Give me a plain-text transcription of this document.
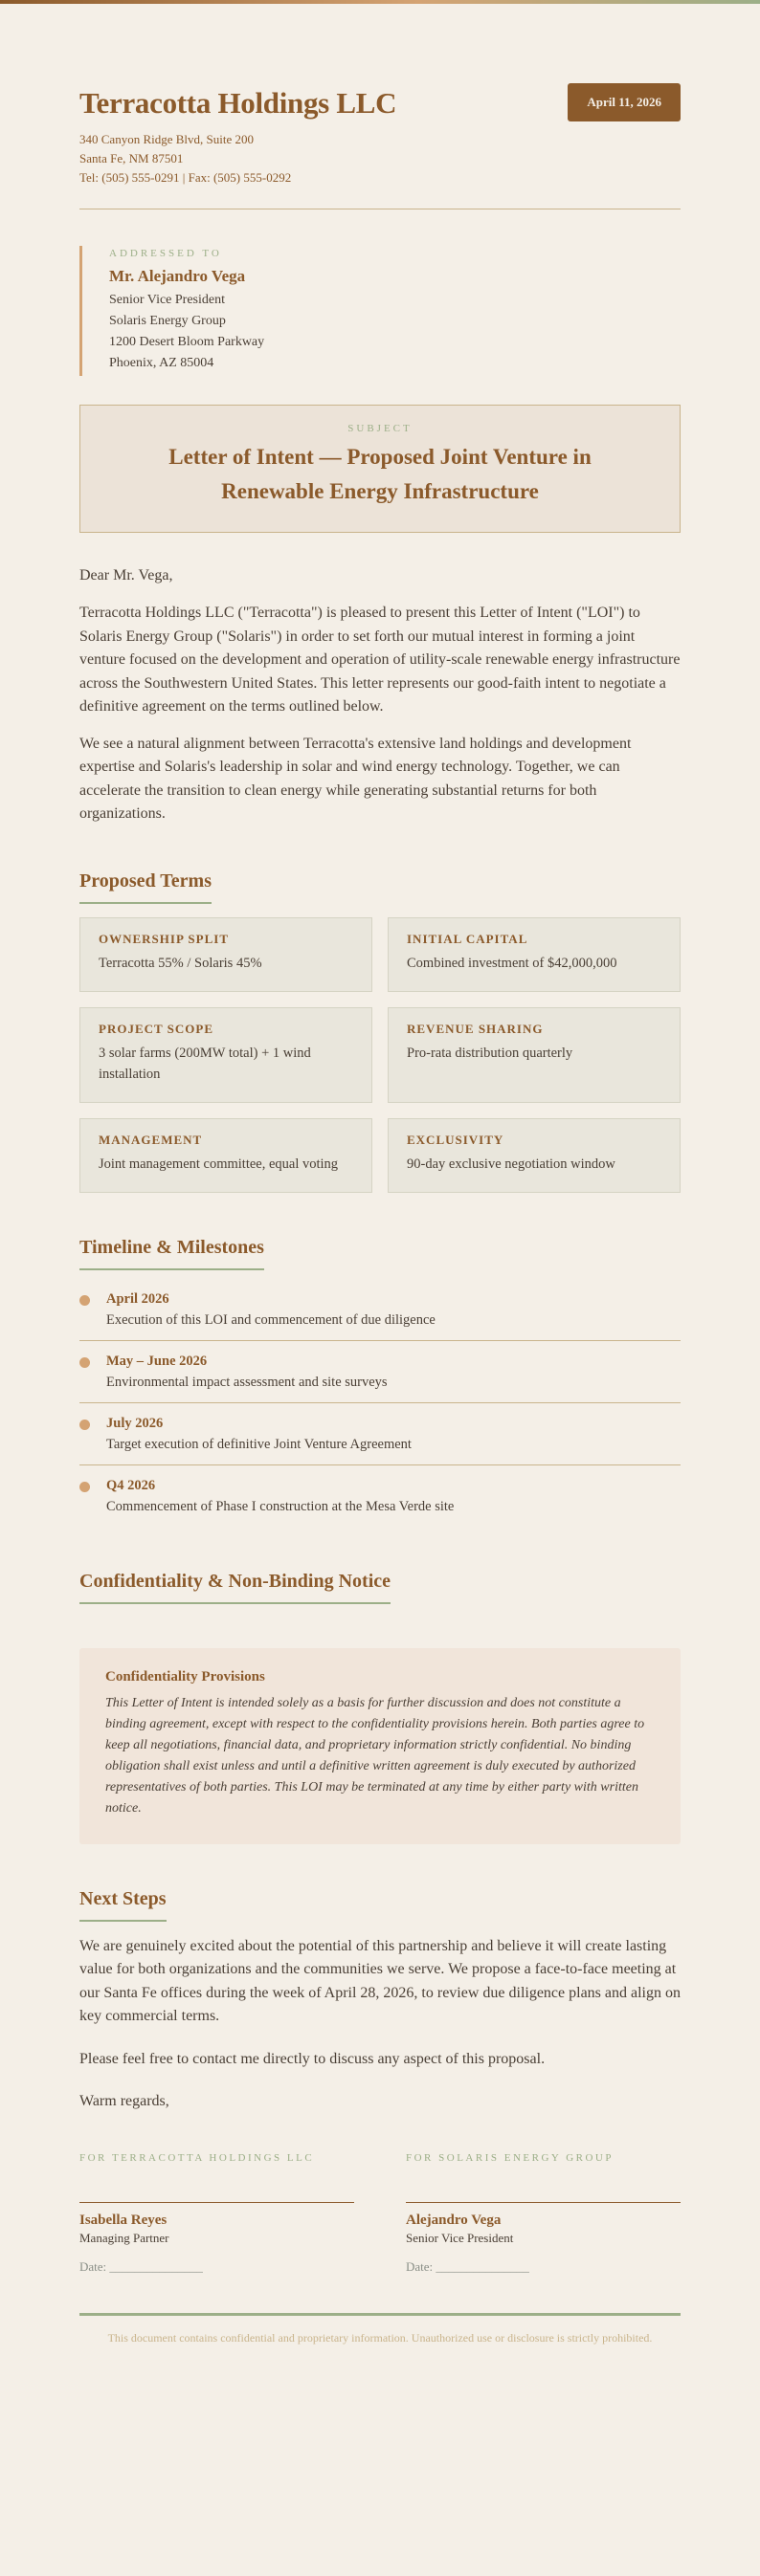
Terracotta Holdings LLC
340 Canyon Ridge Blvd, Suite 200
Santa Fe, NM 87501
Tel: (505) 555-0291 | Fax: (505) 555-0292
April 11, 2026
ADDRESSED TO
Mr. Alejandro Vega
Senior Vice President
Solaris Energy Group
1200 Desert Bloom Parkway
Phoenix, AZ 85004
SUBJECT
Letter of Intent — Proposed Joint Venture in Renewable Energy Infrastructure
Dear Mr. Vega,

Terracotta Holdings LLC ("Terracotta") is pleased to present this Letter of Intent ("LOI") to Solaris Energy Group ("Solaris") in order to set forth our mutual interest in forming a joint venture focused on the development and operation of utility-scale renewable energy infrastructure across the Southwestern United States. This letter represents our good-faith intent to negotiate a definitive agreement on the terms outlined below.

We see a natural alignment between Terracotta's extensive land holdings and development expertise and Solaris's leadership in solar and wind energy technology. Together, we can accelerate the transition to clean energy while generating substantial returns for both organizations.

Proposed Terms
OWNERSHIP SPLIT
Terracotta 55% / Solaris 45%
INITIAL CAPITAL
Combined investment of $42,000,000
PROJECT SCOPE
3 solar farms (200MW total) + 1 wind installation
REVENUE SHARING
Pro-rata distribution quarterly
MANAGEMENT
Joint management committee, equal voting
EXCLUSIVITY
90-day exclusive negotiation window
Timeline & Milestones
April 2026
Execution of this LOI and commencement of due diligence
May – June 2026
Environmental impact assessment and site surveys
July 2026
Target execution of definitive Joint Venture Agreement
Q4 2026
Commencement of Phase I construction at the Mesa Verde site
Confidentiality & Non-Binding Notice
Confidentiality Provisions

This Letter of Intent is intended solely as a basis for further discussion and does not constitute a binding agreement, except with respect to the confidentiality provisions herein. Both parties agree to keep all negotiations, financial data, and proprietary information strictly confidential. No binding obligation shall exist unless and until a definitive written agreement is duly executed by authorized representatives of both parties. This LOI may be terminated at any time by either party with written notice.

Next Steps

We are genuinely excited about the potential of this partnership and believe it will create lasting value for both organizations and the communities we serve. We propose a face-to-face meeting at our Santa Fe offices during the week of April 28, 2026, to review due diligence plans and align on key commercial terms.

Please feel free to contact me directly to discuss any aspect of this proposal.

Warm regards,

FOR TERRACOTTA HOLDINGS LLC
Isabella Reyes
Managing Partner
Date: _______________
FOR SOLARIS ENERGY GROUP
Alejandro Vega
Senior Vice President
Date: _______________
This document contains confidential and proprietary information. Unauthorized use or disclosure is strictly prohibited.
